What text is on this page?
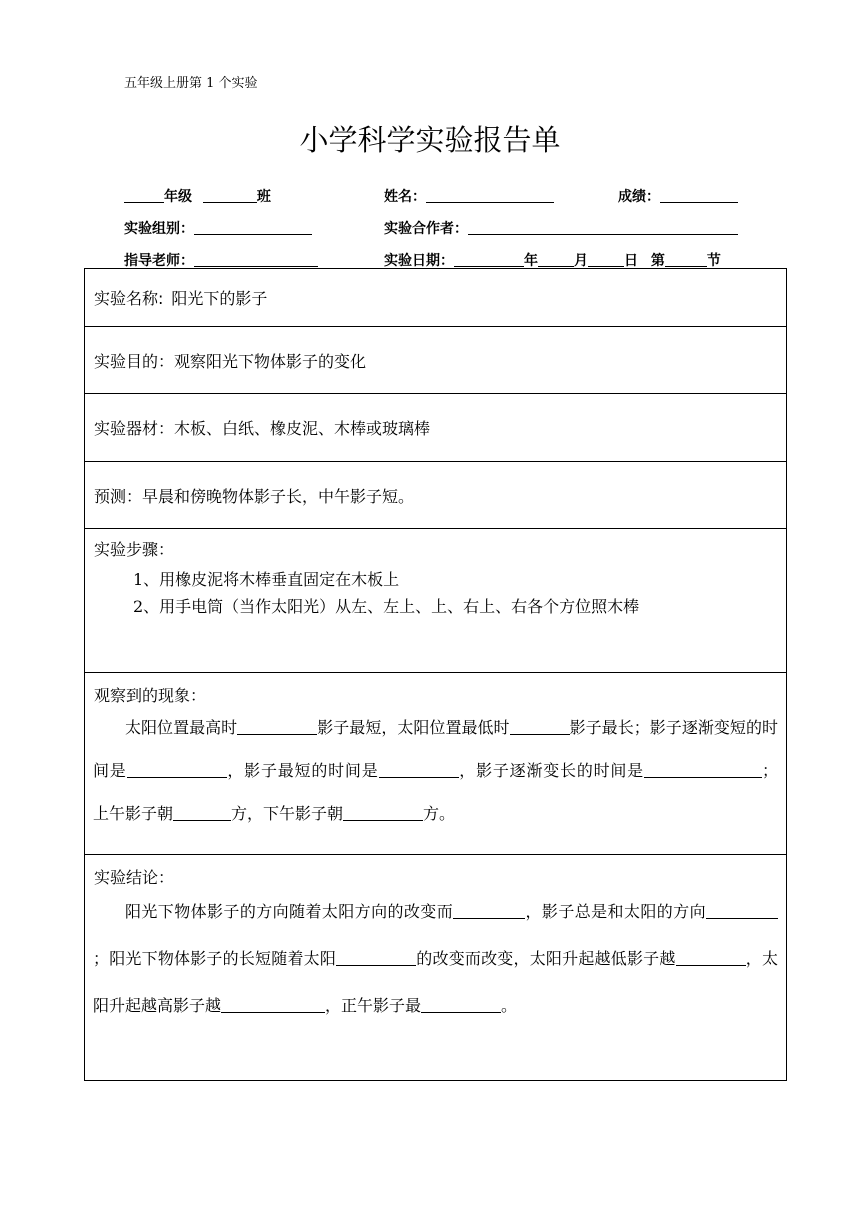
五年级上册第 1 个实验
小学科学实验报告单
年级	班	姓名：	成绩：
实验组别：	实验合作者：
指导老师：	实验日期：	年	月	日 第	节
实验名称: 阳光下的影子
实验目的： 观察阳光下物体影子的变化
实验器材： 木板、白纸、橡皮泥、木棒或玻璃棒
预测： 早晨和傍晚物体影子长，中午影子短。
实验步骤：
1、用橡皮泥将木棒垂直固定在木板上
2、用手电筒（当作太阳光）从左、左上、上、右上、右各个方位照木棒
观察到的现象：
太阳位置最高时	影子最短，太阳位置最低时	影子最长；影子逐渐变短的时间是	，影子最短的时间是	，影子逐渐变长的时间是	； 上午影子朝	方，下午影子朝	方。
实验结论：
阳光下物体影子的方向随着太阳方向的改变而	，影子总是和太阳的方向；阳光下物体影子的长短随着太阳	的改变而改变，太阳升起越低影子越	，太阳升起越高影子越	，正午影子最	。
